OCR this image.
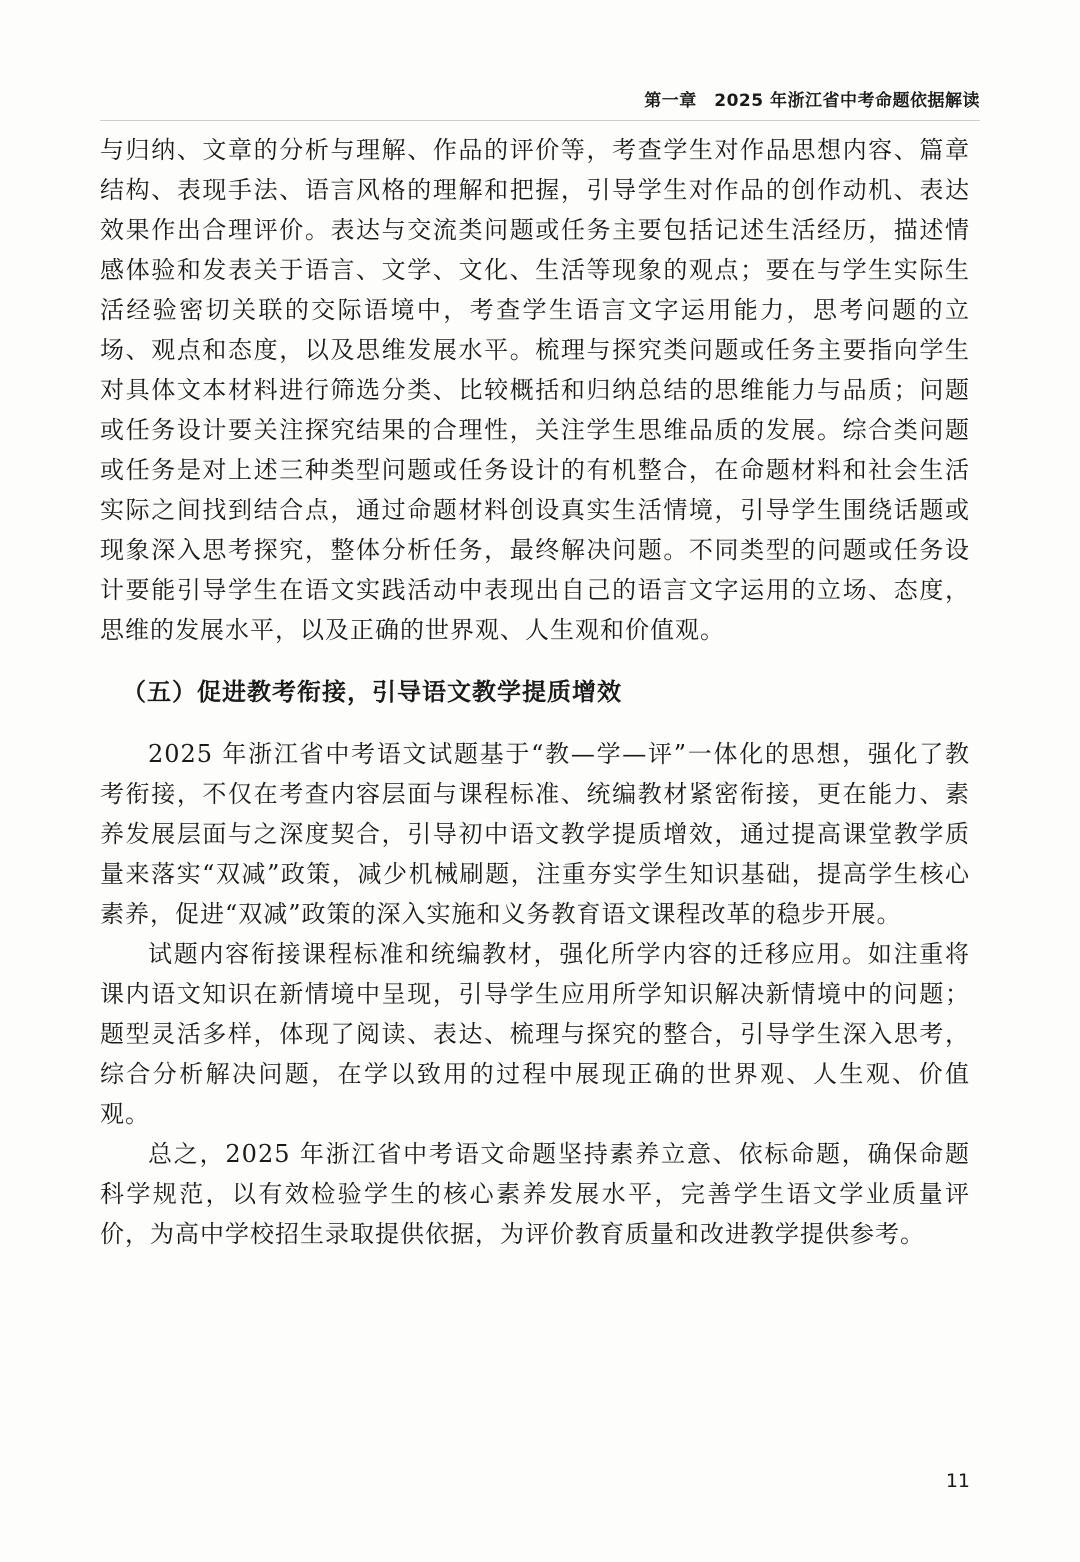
第一章　2025 年浙江省中考命题依据解读

与归纳、文章的分析与理解、作品的评价等，考查学生对作品思想内容、篇章结构、表现手法、语言风格的理解和把握，引导学生对作品的创作动机、表达效果作出合理评价。表达与交流类问题或任务主要包括记述生活经历，描述情感体验和发表关于语言、文学、文化、生活等现象的观点；要在与学生实际生活经验密切关联的交际语境中，考查学生语言文字运用能力，思考问题的立场、观点和态度，以及思维发展水平。梳理与探究类问题或任务主要指向学生对具体文本材料进行筛选分类、比较概括和归纳总结的思维能力与品质；问题或任务设计要关注探究结果的合理性，关注学生思维品质的发展。综合类问题或任务是对上述三种类型问题或任务设计的有机整合，在命题材料和社会生活实际之间找到结合点，通过命题材料创设真实生活情境，引导学生围绕话题或现象深入思考探究，整体分析任务，最终解决问题。不同类型的问题或任务设计要能引导学生在语文实践活动中表现出自己的语言文字运用的立场、态度，思维的发展水平，以及正确的世界观、人生观和价值观。

（五）促进教考衔接，引导语文教学提质增效

2025 年浙江省中考语文试题基于“教—学—评”一体化的思想，强化了教考衔接，不仅在考查内容层面与课程标准、统编教材紧密衔接，更在能力、素养发展层面与之深度契合，引导初中语文教学提质增效，通过提高课堂教学质量来落实“双减”政策，减少机械刷题，注重夯实学生知识基础，提高学生核心素养，促进“双减”政策的深入实施和义务教育语文课程改革的稳步开展。

试题内容衔接课程标准和统编教材，强化所学内容的迁移应用。如注重将课内语文知识在新情境中呈现，引导学生应用所学知识解决新情境中的问题；题型灵活多样，体现了阅读、表达、梳理与探究的整合，引导学生深入思考，综合分析解决问题，在学以致用的过程中展现正确的世界观、人生观、价值观。

总之，2025 年浙江省中考语文命题坚持素养立意、依标命题，确保命题科学规范，以有效检验学生的核心素养发展水平，完善学生语文学业质量评价，为高中学校招生录取提供依据，为评价教育质量和改进教学提供参考。

11
